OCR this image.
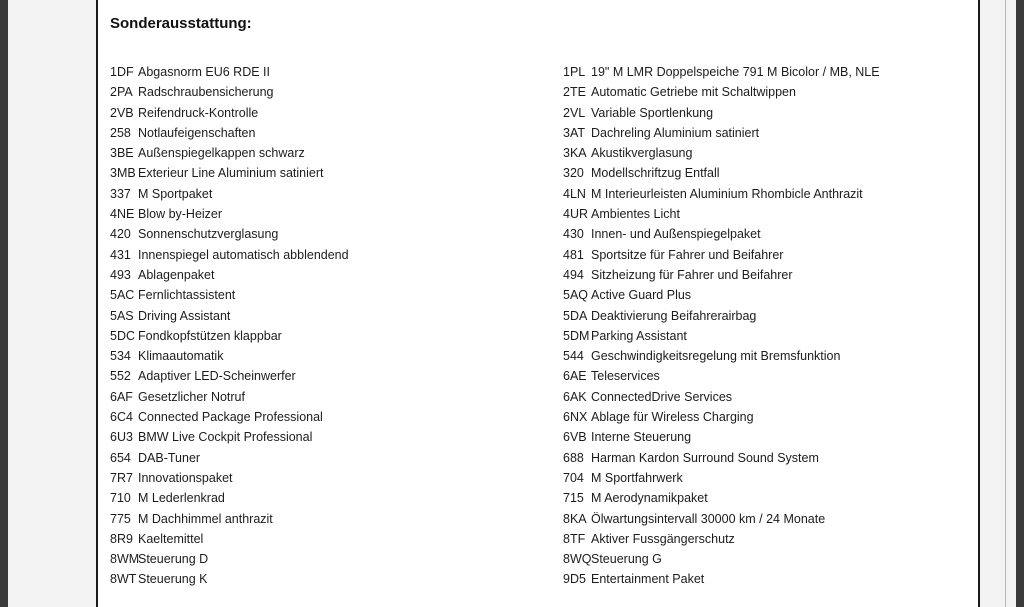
Sonderausstattung:
1DF Abgasnorm EU6 RDE II
2PA Radschraubensicherung
2VB Reifendruck-Kontrolle
258 Notlaufeigenschaften
3BE Außenspiegelkappen schwarz
3MB Exterieur Line Aluminium satiniert
337 M Sportpaket
4NE Blow by-Heizer
420 Sonnenschutzverglasung
431 Innenspiegel automatisch abblendend
493 Ablagenpaket
5AC Fernlichtassistent
5AS Driving Assistant
5DC Fondkopfstützen klappbar
534 Klimaautomatik
552 Adaptiver LED-Scheinwerfer
6AF Gesetzlicher Notruf
6C4 Connected Package Professional
6U3 BMW Live Cockpit Professional
654 DAB-Tuner
7R7 Innovationspaket
710 M Lederlenkrad
775 M Dachhimmel anthrazit
8R9 Kaeltemittel
8WMSteuerung D
8WT Steuerung K
1PL 19" M LMR Doppelspeiche 791 M Bicolor / MB, NLE
2TE Automatic Getriebe mit Schaltwippen
2VL Variable Sportlenkung
3AT Dachreling Aluminium satiniert
3KA Akustikverglasung
320 Modellschriftzug Entfall
4LN M Interieurleisten Aluminium Rhombicle Anthrazit
4UR Ambientes Licht
430 Innen- und Außenspiegelpaket
481 Sportsitze für Fahrer und Beifahrer
494 Sitzheizung für Fahrer und Beifahrer
5AQ Active Guard Plus
5DA Deaktivierung Beifahrerairbag
5DM Parking Assistant
544 Geschwindigkeitsregelung mit Bremsfunktion
6AE Teleservices
6AK ConnectedDrive Services
6NX Ablage für Wireless Charging
6VB Interne Steuerung
688 Harman Kardon Surround Sound System
704 M Sportfahrwerk
715 M Aerodynamikpaket
8KA Ölwartungsintervall 30000 km / 24 Monate
8TF Aktiver Fussgängerschutz
8WQSteuerung G
9D5 Entertainment Paket
